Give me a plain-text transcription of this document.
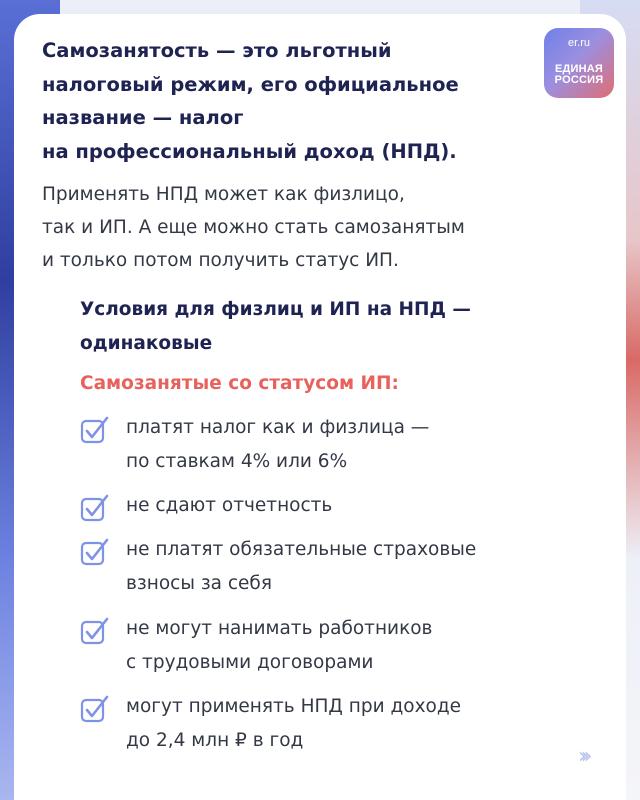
er.ru
ЕДИНАЯ
РОССИЯ
Самозанятость — это льготный
налоговый режим, его официальное
название — налог
на профессиональный доход (НПД).
Применять НПД может как физлицо,
так и ИП. А еще можно стать самозанятым
и только потом получить статус ИП.
Условия для физлиц и ИП на НПД —
одинаковые
Самозанятые со статусом ИП:
платят налог как и физлица —
по ставкам 4% или 6%
не сдают отчетность
не платят обязательные страховые
взносы за себя
не могут нанимать работников
с трудовыми договорами
могут применять НПД при доходе
до 2,4 млн ₽ в год
›››
